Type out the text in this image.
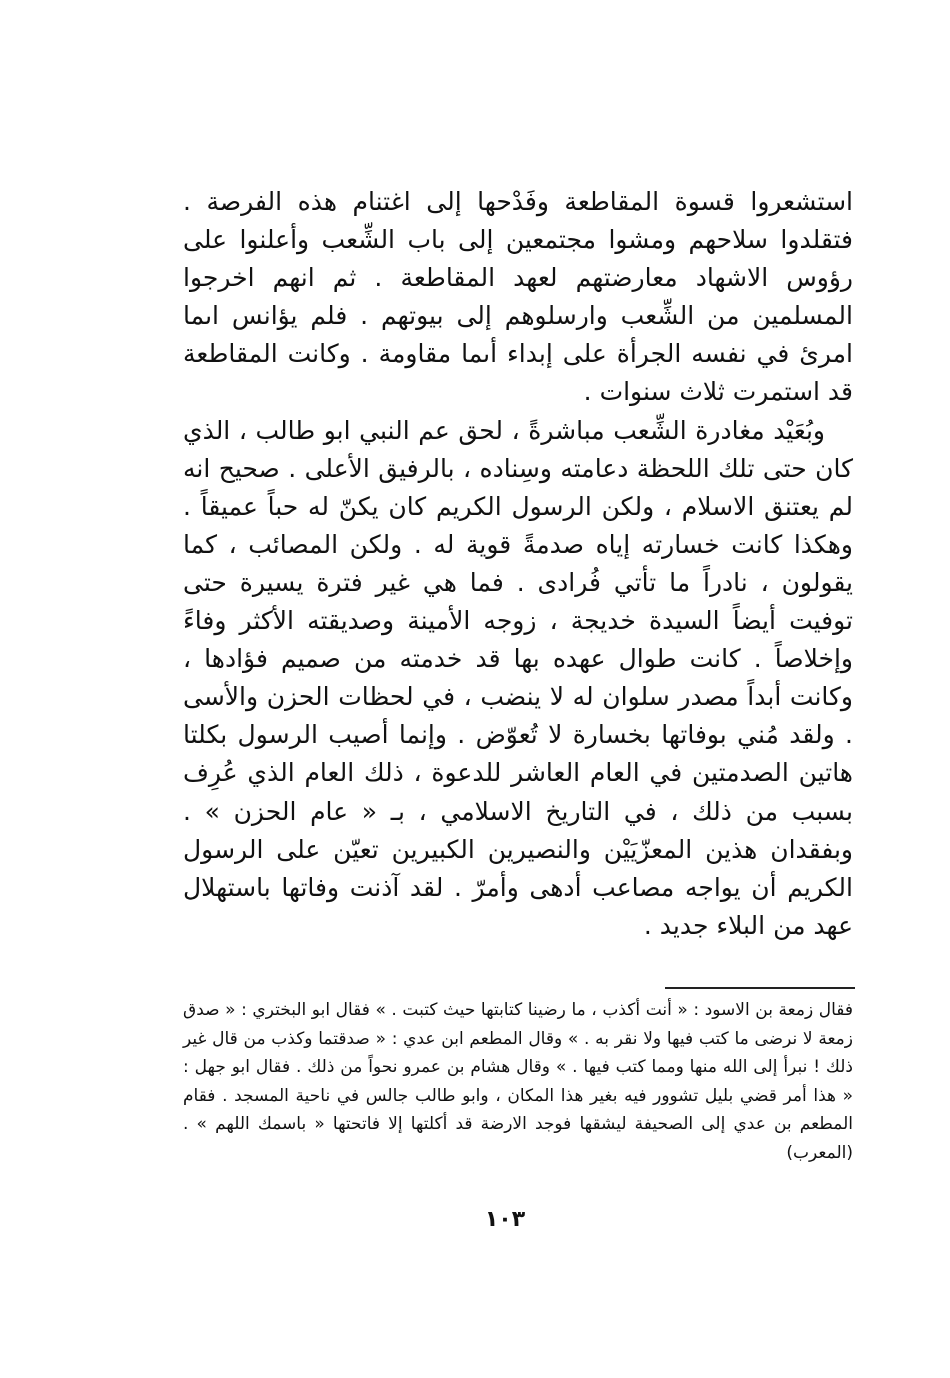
استشعروا قسوة المقاطعة وفَدْحها إلى اغتنام هذه الفرصة . فتقلدوا سلاحهم ومشوا مجتمعين إلى باب الشِّعب وأعلنوا على رؤوس الاشهاد معارضتهم لعهد المقاطعة . ثم انهم اخرجوا المسلمين من الشِّعب وارسلوهم إلى بيوتهم . فلم يؤانس اىما امرئ في نفسه الجرأة على إبداء أىما مقاومة . وكانت المقاطعة قد استمرت ثلاث سنوات .

وبُعَيْد مغادرة الشِّعب مباشرةً ، لحق عم النبي ابو طالب ، الذي كان حتى تلك اللحظة دعامته وسِناده ، بالرفيق الأعلى . صحيح انه لم يعتنق الاسلام ، ولكن الرسول الكريم كان يكنّ له حباً عميقاً . وهكذا كانت خسارته إياه صدمةً قوية له . ولكن المصائب ، كما يقولون ، نادراً ما تأتي فُرادى . فما هي غير فترة يسيرة حتى توفيت أيضاً السيدة خديجة ، زوجه الأمينة وصديقته الأكثر وفاءً وإخلاصاً . كانت طوال عهده بها قد خدمته من صميم فؤادها ، وكانت أبداً مصدر سلوان له لا ينضب ، في لحظات الحزن والأسى . ولقد مُني بوفاتها بخسارة لا تُعوّض . وإنما أصيب الرسول بكلتا هاتين الصدمتين في العام العاشر للدعوة ، ذلك العام الذي عُرِف بسبب من ذلك ، في التاريخ الاسلامي ، بـ « عام الحزن » . وبفقدان هذين المعزّيَيْن والنصيرين الكبيرين تعيّن على الرسول الكريم أن يواجه مصاعب أدهى وأمرّ . لقد آذنت وفاتها باستهلال عهد من البلاء جديد .

فقال زمعة بن الاسود : « أنت أكذب ، ما رضينا كتابتها حيث كتبت . » فقال ابو البختري : « صدق زمعة لا نرضى ما كتب فيها ولا نقر به . » وقال المطعم ابن عدي : « صدقتما وكذب من قال غير ذلك ! نبرأ إلى الله منها ومما كتب فيها . » وقال هشام بن عمرو نحواً من ذلك . فقال ابو جهل : « هذا أمر قضي بليل تشوور فيه بغير هذا المكان ، وابو طالب جالس في ناحية المسجد . فقام المطعم بن عدي إلى الصحيفة ليشقها فوجد الارضة قد أكلتها إلا فاتحتها « باسمك اللهم » . (المعرب)
١٠٣
